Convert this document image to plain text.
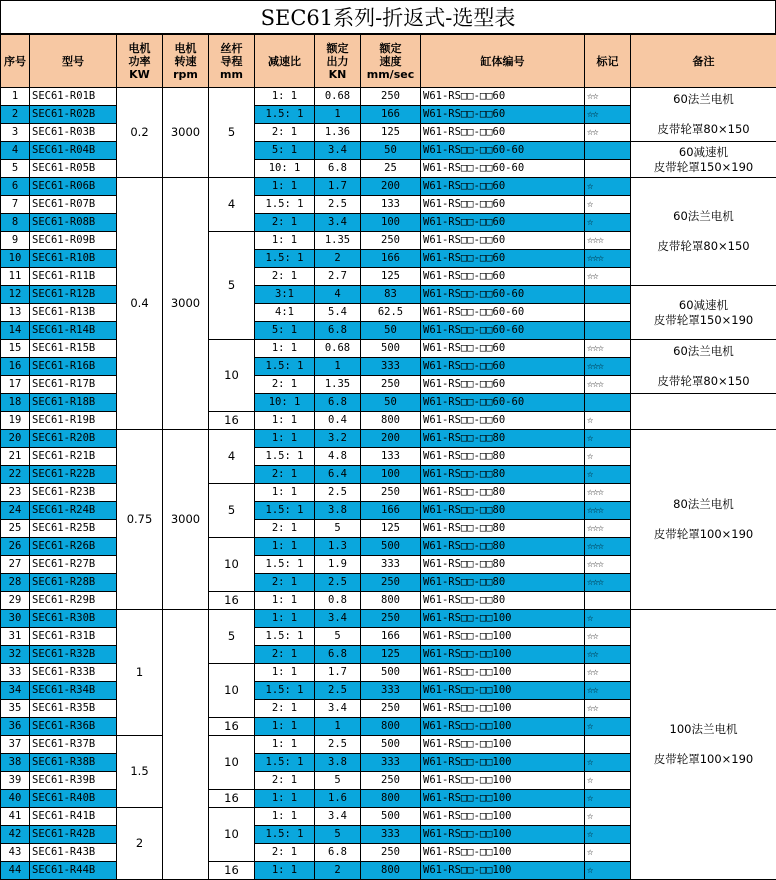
SEC61系列-折返式-选型表
序号	型号	电机
功率
KW	电机
转速
rpm	丝杆
导程
mm	减速比	额定
出力
KN	额定
速度
mm/sec	缸体编号	标记	备注

1	SEC61-R01B	0.2	3000	5	1: 1	0.68	250	W61-RS□□-□□60	☆☆	60法兰电机

皮带轮罩80×150

2	SEC61-R02B				1.5: 1	1	166	W61-RS□□-□□60	☆☆	
3	SEC61-R03B				2: 1	1.36	125	W61-RS□□-□□60	☆☆	
4	SEC61-R04B				5: 1	3.4	50	W61-RS□□-□□60-60		60减速机
皮带轮罩150×190

5	SEC61-R05B				10: 1	6.8	25	W61-RS□□-□□60-60		
6	SEC61-R06B	0.4	3000	4	1: 1	1.7	200	W61-RS□□-□□60	☆	60法兰电机

皮带轮罩80×150

7	SEC61-R07B				1.5: 1	2.5	133	W61-RS□□-□□60	☆	
8	SEC61-R08B				2: 1	3.4	100	W61-RS□□-□□60	☆	
9	SEC61-R09B			5	1: 1	1.35	250	W61-RS□□-□□60	☆☆☆	
10	SEC61-R10B				1.5: 1	2	166	W61-RS□□-□□60	☆☆☆	
11	SEC61-R11B				2: 1	2.7	125	W61-RS□□-□□60	☆☆	
12	SEC61-R12B				3:1	4	83	W61-RS□□-□□60-60		60减速机
皮带轮罩150×190

13	SEC61-R13B				4:1	5.4	62.5	W61-RS□□-□□60-60		
14	SEC61-R14B				5: 1	6.8	50	W61-RS□□-□□60-60		
15	SEC61-R15B			10	1: 1	0.68	500	W61-RS□□-□□60	☆☆☆	60法兰电机

皮带轮罩80×150

16	SEC61-R16B				1.5: 1	1	333	W61-RS□□-□□60	☆☆☆	
17	SEC61-R17B				2: 1	1.35	250	W61-RS□□-□□60	☆☆☆	
18	SEC61-R18B				10: 1	6.8	50	W61-RS□□-□□60-60		
19	SEC61-R19B			16	1: 1	0.4	800	W61-RS□□-□□60	☆	
20	SEC61-R20B	0.75	3000	4	1: 1	3.2	200	W61-RS□□-□□80	☆	80法兰电机

皮带轮罩100×190

21	SEC61-R21B				1.5: 1	4.8	133	W61-RS□□-□□80	☆	
22	SEC61-R22B				2: 1	6.4	100	W61-RS□□-□□80	☆	
23	SEC61-R23B			5	1: 1	2.5	250	W61-RS□□-□□80	☆☆☆	
24	SEC61-R24B				1.5: 1	3.8	166	W61-RS□□-□□80	☆☆☆	
25	SEC61-R25B				2: 1	5	125	W61-RS□□-□□80	☆☆☆	
26	SEC61-R26B			10	1: 1	1.3	500	W61-RS□□-□□80	☆☆☆	
27	SEC61-R27B				1.5: 1	1.9	333	W61-RS□□-□□80	☆☆☆	
28	SEC61-R28B				2: 1	2.5	250	W61-RS□□-□□80	☆☆☆	
29	SEC61-R29B			16	1: 1	0.8	800	W61-RS□□-□□80		
30	SEC61-R30B	1		5	1: 1	3.4	250	W61-RS□□-□□100	☆	100法兰电机

皮带轮罩100×190

31	SEC61-R31B				1.5: 1	5	166	W61-RS□□-□□100	☆☆	
32	SEC61-R32B				2: 1	6.8	125	W61-RS□□-□□100	☆☆	
33	SEC61-R33B			10	1: 1	1.7	500	W61-RS□□-□□100	☆☆	
34	SEC61-R34B				1.5: 1	2.5	333	W61-RS□□-□□100	☆☆	
35	SEC61-R35B				2: 1	3.4	250	W61-RS□□-□□100	☆☆	
36	SEC61-R36B			16	1: 1	1	800	W61-RS□□-□□100	☆	
37	SEC61-R37B	1.5		10	1: 1	2.5	500	W61-RS□□-□□100		
38	SEC61-R38B				1.5: 1	3.8	333	W61-RS□□-□□100	☆	
39	SEC61-R39B				2: 1	5	250	W61-RS□□-□□100	☆	
40	SEC61-R40B			16	1: 1	1.6	800	W61-RS□□-□□100	☆	
41	SEC61-R41B	2		10	1: 1	3.4	500	W61-RS□□-□□100	☆	
42	SEC61-R42B				1.5: 1	5	333	W61-RS□□-□□100	☆	
43	SEC61-R43B				2: 1	6.8	250	W61-RS□□-□□100	☆	
44	SEC61-R44B			16	1: 1	2	800	W61-RS□□-□□100	☆	
